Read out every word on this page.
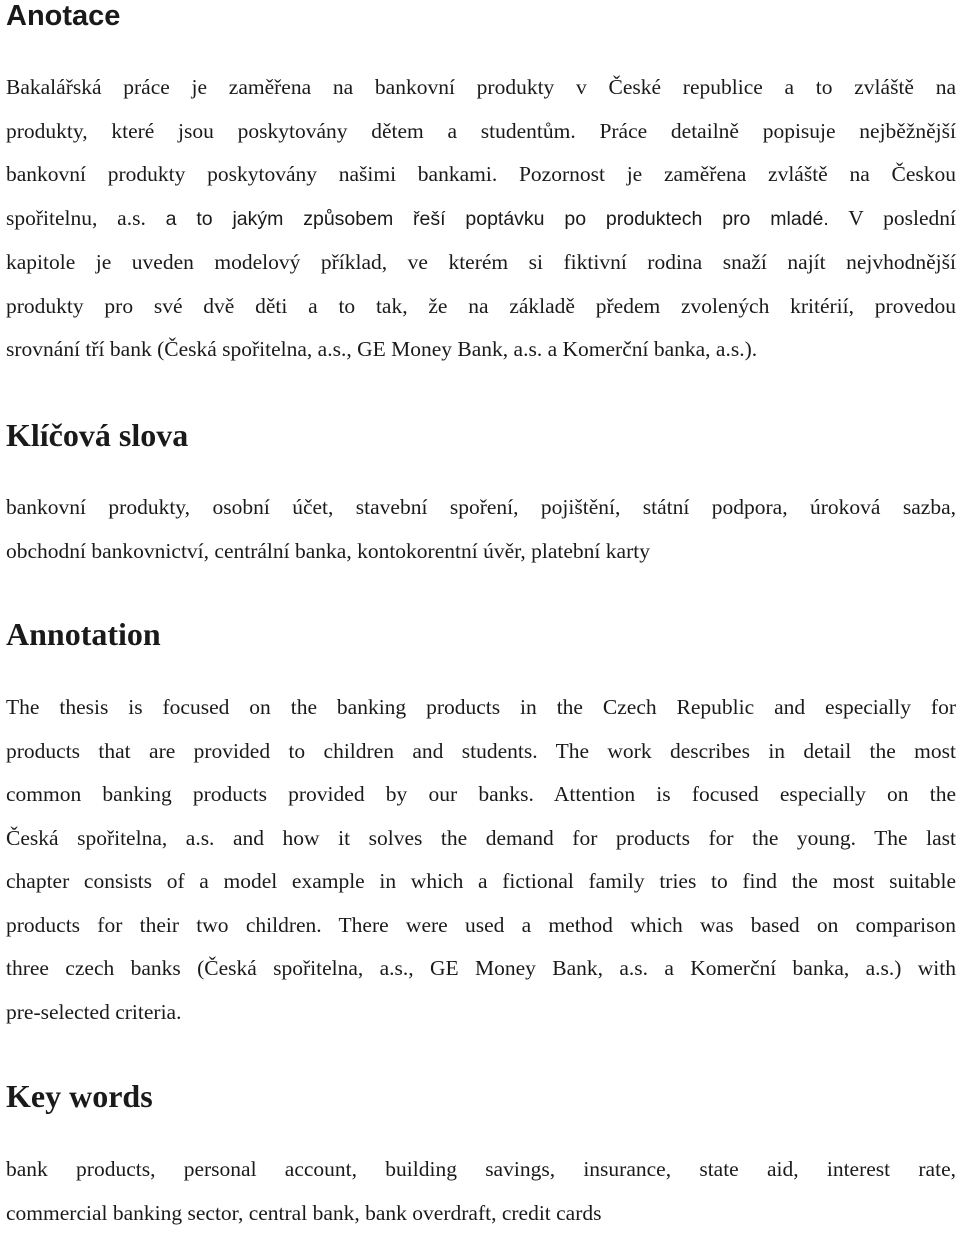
Anotace
Bakalářská práce je zaměřena na bankovní produkty v České republice a to zvláště na
produkty, které jsou poskytovány dětem a studentům. Práce detailně popisuje nejběžnější
bankovní produkty poskytovány našimi bankami. Pozornost je zaměřena zvláště na Českou
spořitelnu, a.s. a to jakým způsobem řeší poptávku po produktech pro mladé. V poslední
kapitole je uveden modelový příklad, ve kterém si fiktivní rodina snaží najít nejvhodnější
produkty pro své dvě děti a to tak, že na základě předem zvolených kritérií, provedou
srovnání tří bank (Česká spořitelna, a.s., GE Money Bank, a.s. a Komerční banka, a.s.).
Klíčová slova
bankovní produkty, osobní účet, stavební spoření, pojištění, státní podpora, úroková sazba,
obchodní bankovnictví, centrální banka, kontokorentní úvěr, platební karty
Annotation
The thesis is focused on the banking products in the Czech Republic and especially for
products that are provided to children and students. The work describes in detail the most
common banking products provided by our banks. Attention is focused especially on the
Česká spořitelna, a.s. and how it solves the demand for products for the young. The last
chapter consists of a model example in which a fictional family tries to find the most suitable
products for their two children. There were used a method which was based on comparison
three czech banks (Česká spořitelna, a.s., GE Money Bank, a.s. a Komerční banka, a.s.) with
pre-selected criteria.
Key words
bank products, personal account, building savings, insurance, state aid, interest rate,
commercial banking sector, central bank, bank overdraft, credit cards
